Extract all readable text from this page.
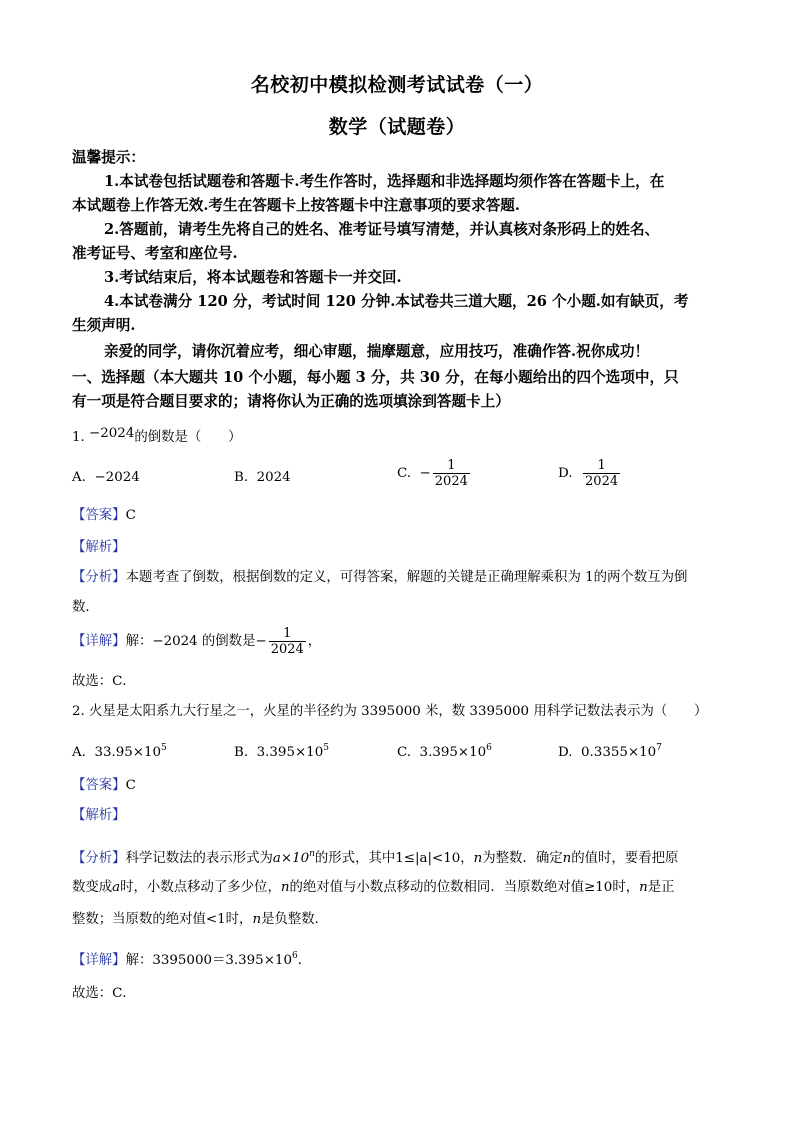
名校初中模拟检测考试试卷（一）
数学（试题卷）
温馨提示：
1.本试卷包括试题卷和答题卡.考生作答时，选择题和非选择题均须作答在答题卡上，在
本试题卷上作答无效.考生在答题卡上按答题卡中注意事项的要求答题.
2.答题前，请考生先将自己的姓名、准考证号填写清楚，并认真核对条形码上的姓名、
准考证号、考室和座位号.
3.考试结束后，将本试题卷和答题卡一并交回.
4.本试卷满分 120 分，考试时间 120 分钟.本试卷共三道大题，26 个小题.如有缺页，考
生须声明.
亲爱的同学，请你沉着应考，细心审题，揣摩题意，应用技巧，准确作答.祝你成功！
一、选择题（本大题共 10 个小题，每小题 3 分，共 30 分，在每小题给出的四个选项中，只
有一项是符合题目要求的；请将你认为正确的选项填涂到答题卡上）
1. −2024的倒数是（　　）
A. −2024	B. 2024	C. − $\frac{1}{2024}$	D. $\frac{1}{2024}$
【答案】C
【解析】
【分析】本题考查了倒数，根据倒数的定义，可得答案，解题的关键是正确理解乘积为 1的两个数互为倒
数．
【详解】解：−2024 的倒数是− $\frac{1}{2024}$ ，
故选：C．
2. 火星是太阳系九大行星之一，火星的半径约为 3395000 米，数 3395000 用科学记数法表示为（　　）
A. $33.95\times 10^5$	B. $3.395\times 10^5$	C. $3.395\times 10^6$	D. $0.3355\times 10^7$
【答案】C
【解析】
【分析】科学记数法的表示形式为$a\times 10^n$的形式，其中1≤|a|<10，n为整数．确定n的值时，要看把原
数变成a时，小数点移动了多少位，n的绝对值与小数点移动的位数相同．当原数绝对值≥10时，n是正
整数；当原数的绝对值<1时，n是负整数．
【详解】解：$3395000=3.395\times 10^6$．
故选：C．
